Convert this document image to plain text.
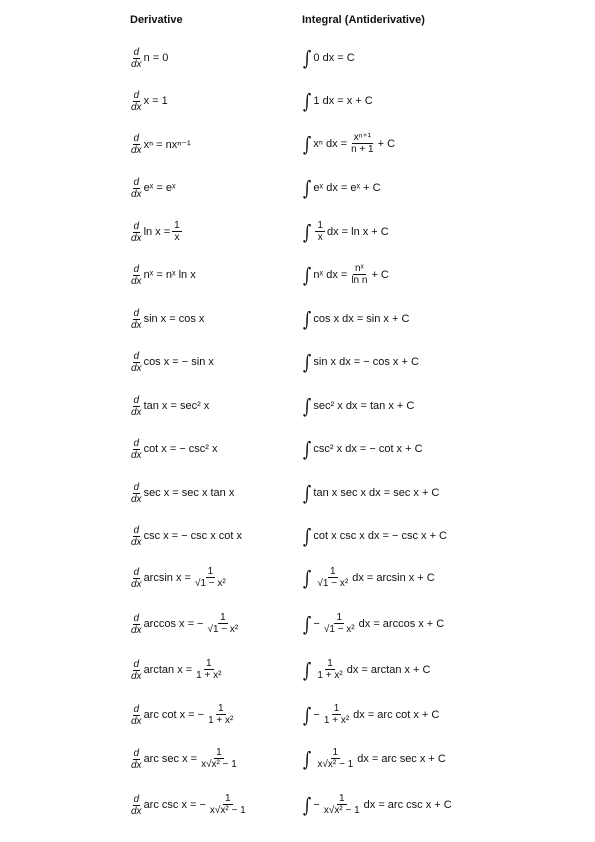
Derivative	Integral (Antiderivative)
$\frac{d}{dx}$ n = 0	∫ 0 dx = C
$\frac{d}{dx}$ x = 1	∫ 1 dx = x + C
$\frac{d}{dx}$ xⁿ = nxⁿ⁻¹	∫ xⁿ dx = $\frac{\text{xⁿ⁺¹}}{n + 1} + C$
$\frac{d}{dx}$ eˣ = eˣ	∫ eˣ dx = eˣ + C
$\frac{d}{dx}$ $\ln x = \frac{1}{x}$	∫ $\frac{1}{x}$ dx = ln x + C
$\frac{d}{dx}$ nˣ = nˣ ln x	∫ nˣ dx = $\frac{\text{nˣ}}{\text{ln n}} + C$
$\frac{d}{dx}$ sin x = cos x	∫ cos x dx = sin x + C
$\frac{d}{dx}$ cos x = − sin x	∫ sin x dx = − cos x + C
$\frac{d}{dx}$ tan x = sec² x	∫ sec² x dx = tan x + C
$\frac{d}{dx}$ cot x = − csc² x	∫ csc² x dx = − cot x + C
$\frac{d}{dx}$ sec x = sec x tan x	∫ tan x sec x dx = sec x + C
$\frac{d}{dx}$ csc x = − csc x cot x	∫ cot x csc x dx = − csc x + C
$\frac{d}{dx}$ $\arcsin x = \frac{1}{\text{√1 − x²}}$	∫ $\frac{1}{\text{√1 − x²}}$ dx = arcsin x + C
$\frac{d}{dx}$ arccos x = − $\frac{1}{\text{√1 − x²}}$	∫ − $\frac{1}{\text{√1 − x²}}$ dx = arccos x + C
$\frac{d}{dx}$ $\arctan x = \frac{1}{\text{1 + x²}}$	∫ $\frac{1}{\text{1 + x²}}$ dx = arctan x + C
$\frac{d}{dx}$ arc cot x = − $\frac{1}{\text{1 + x²}}$	∫ − $\frac{1}{\text{1 + x²}}$ dx = arc cot x + C
$\frac{d}{dx}$ arc $\sec x = \frac{1}{\text{x√x² − 1}}$	∫ $\frac{1}{\text{x√x² − 1}}$ dx = arc sec x + C
$\frac{d}{dx}$ arc csc x = − $\frac{1}{\text{x√x² − 1}}$	∫ − $\frac{1}{\text{x√x² − 1}}$ dx = arc csc x + C
